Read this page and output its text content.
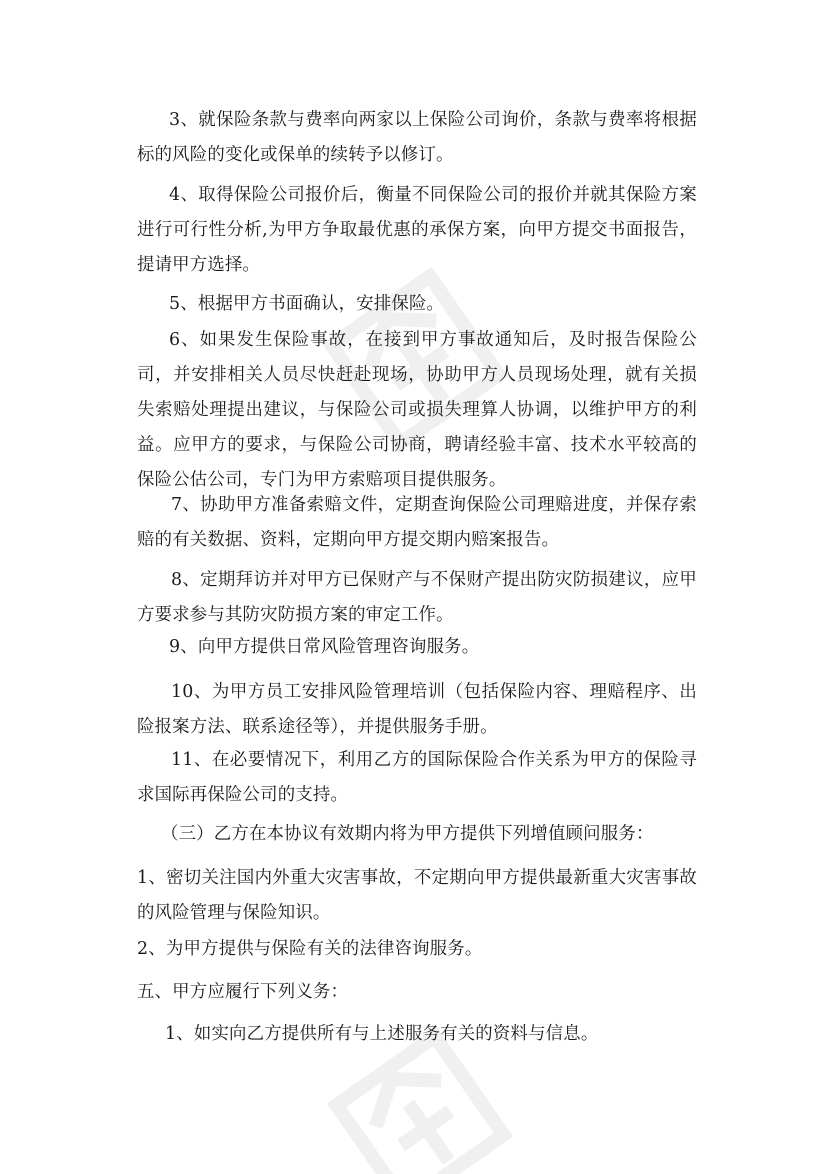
3、就保险条款与费率向两家以上保险公司询价，条款与费率将根据标的风险的变化或保单的续转予以修订。

4、取得保险公司报价后，衡量不同保险公司的报价并就其保险方案进行可行性分析,为甲方争取最优惠的承保方案，向甲方提交书面报告，提请甲方选择。

5、根据甲方书面确认，安排保险。

6、如果发生保险事故，在接到甲方事故通知后，及时报告保险公司，并安排相关人员尽快赶赴现场，协助甲方人员现场处理，就有关损失索赔处理提出建议，与保险公司或损失理算人协调，以维护甲方的利益。应甲方的要求，与保险公司协商，聘请经验丰富、技术水平较高的保险公估公司，专门为甲方索赔项目提供服务。

7、协助甲方准备索赔文件，定期查询保险公司理赔进度，并保存索赔的有关数据、资料，定期向甲方提交期内赔案报告。

8、定期拜访并对甲方已保财产与不保财产提出防灾防损建议，应甲方要求参与其防灾防损方案的审定工作。

9、向甲方提供日常风险管理咨询服务。

10、为甲方员工安排风险管理培训（包括保险内容、理赔程序、出险报案方法、联系途径等），并提供服务手册。

11、在必要情况下，利用乙方的国际保险合作关系为甲方的保险寻求国际再保险公司的支持。

（三）乙方在本协议有效期内将为甲方提供下列增值顾问服务：

1、密切关注国内外重大灾害事故，不定期向甲方提供最新重大灾害事故的风险管理与保险知识。

2、为甲方提供与保险有关的法律咨询服务。

五、甲方应履行下列义务：

1、如实向乙方提供所有与上述服务有关的资料与信息。
